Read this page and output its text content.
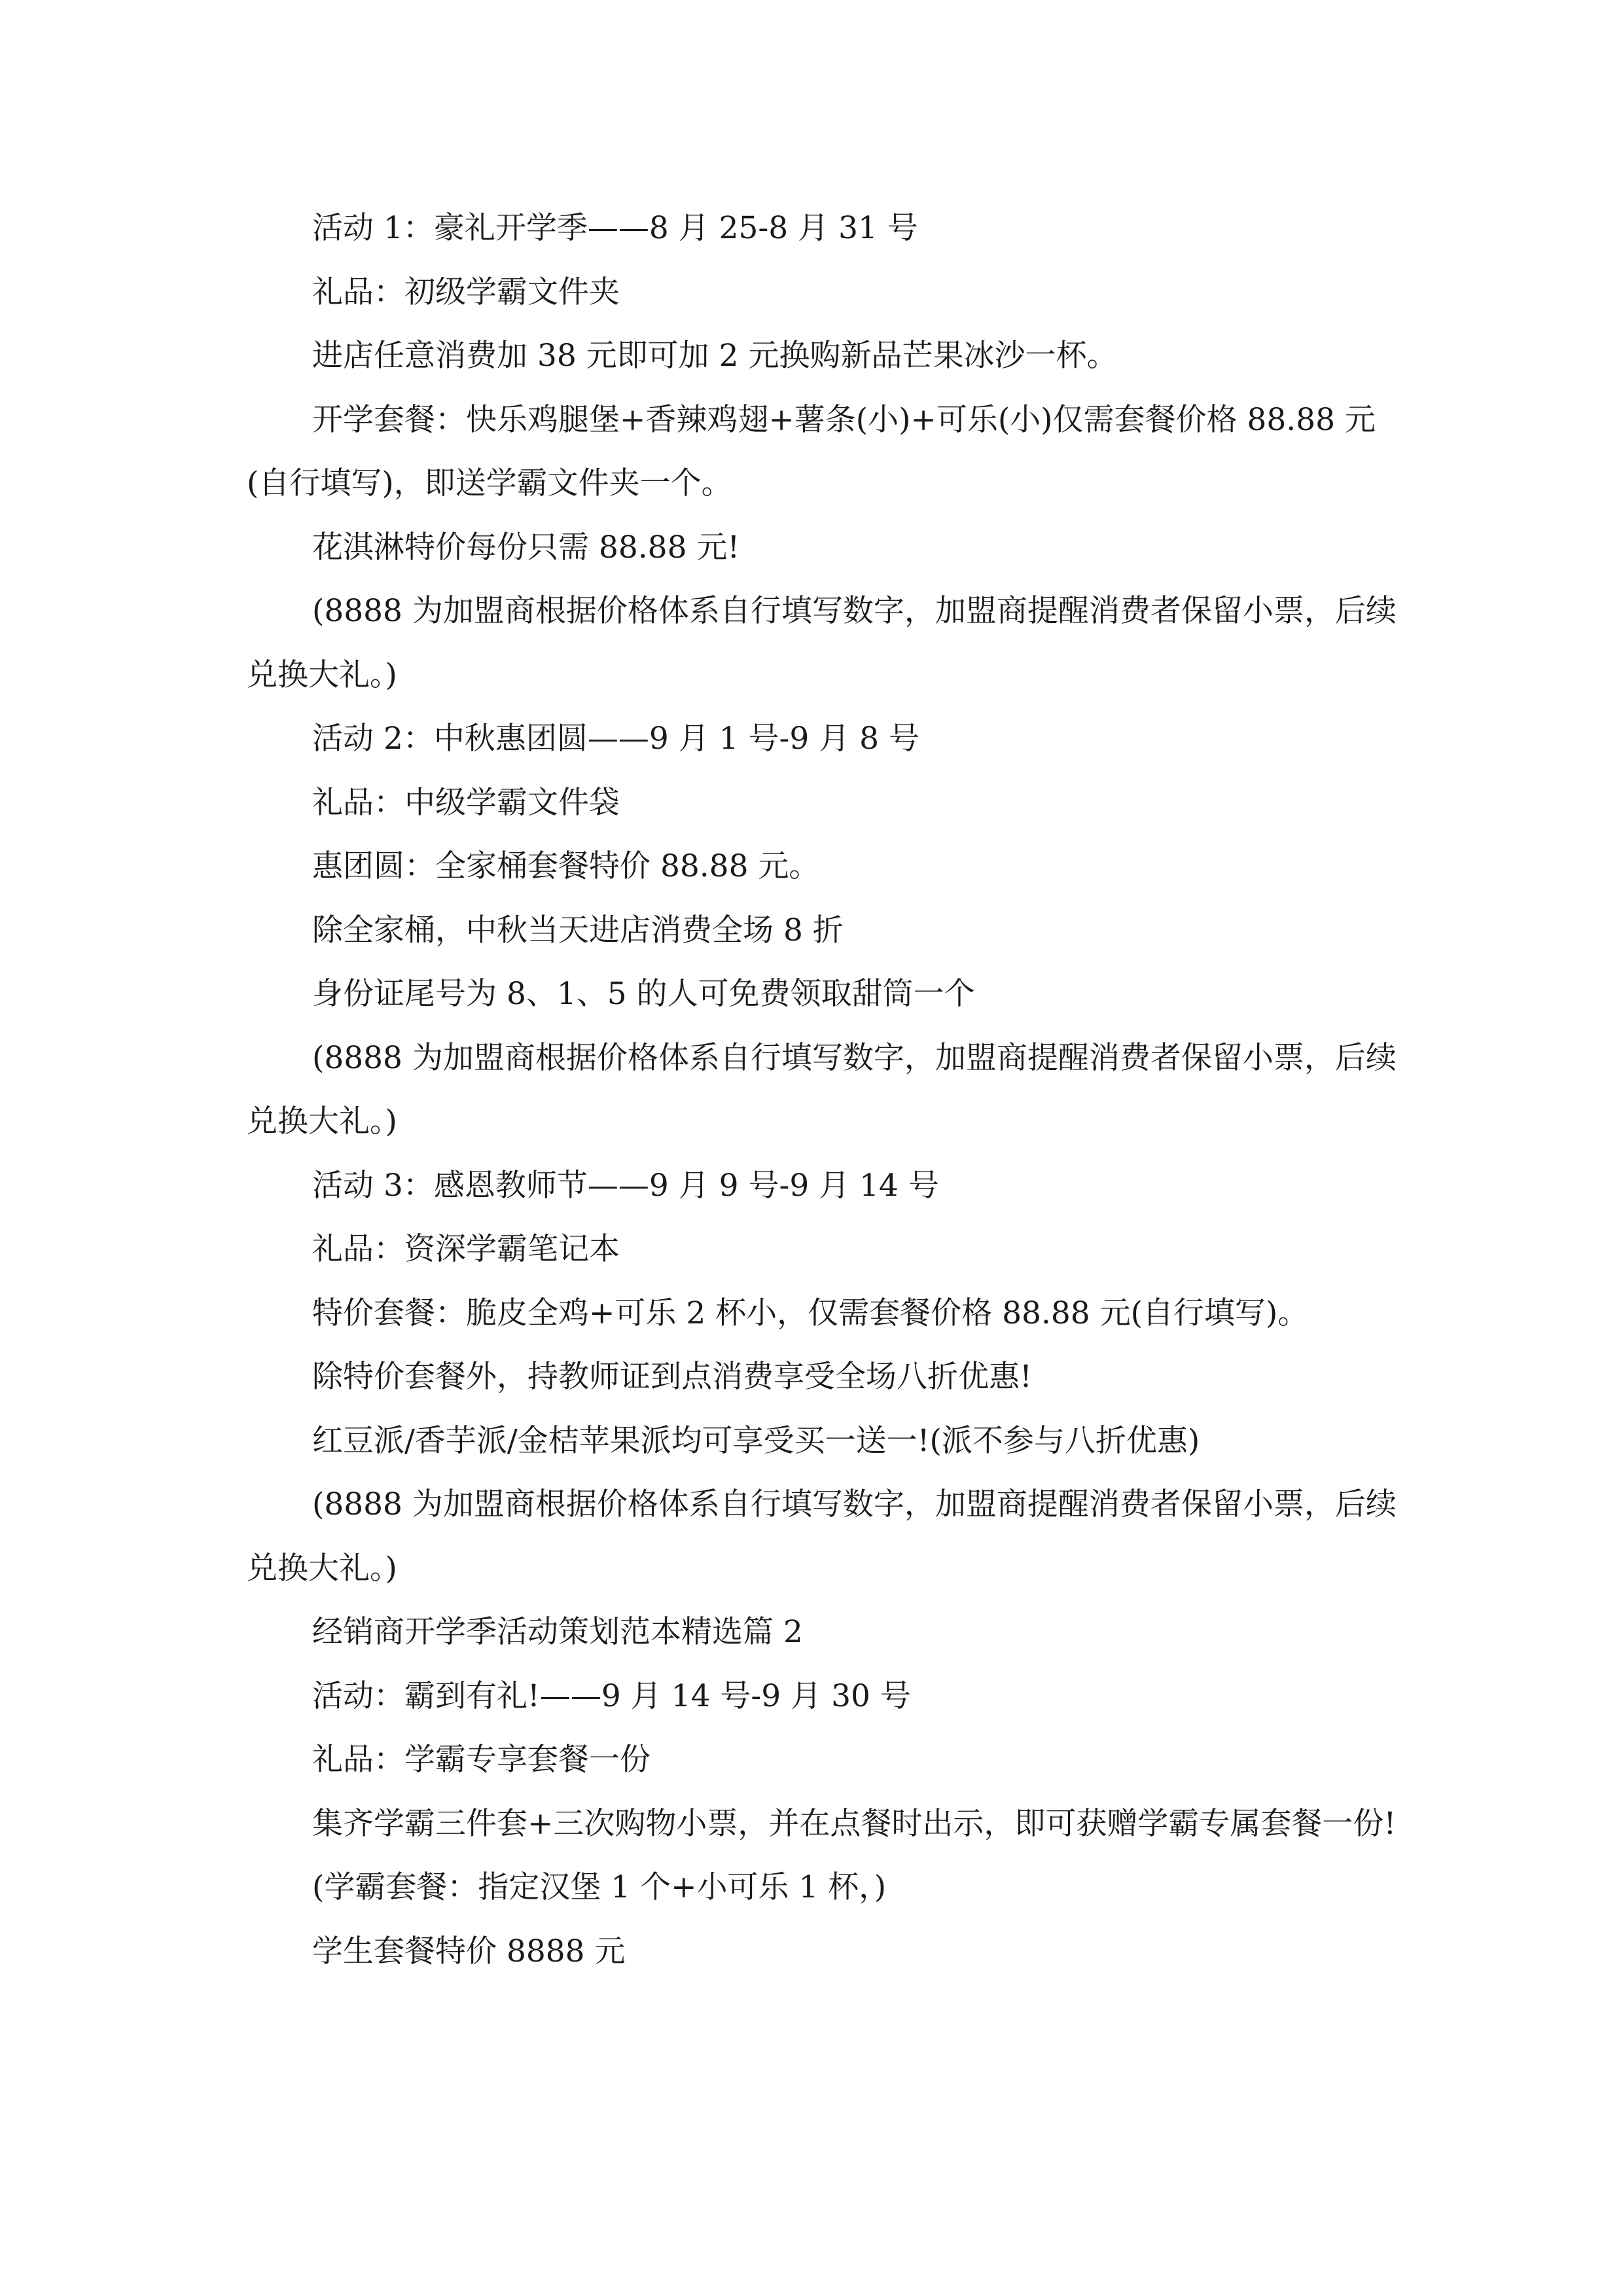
活动 1：豪礼开学季——8 月 25-8 月 31 号

礼品：初级学霸文件夹

进店任意消费加 38 元即可加 2 元换购新品芒果冰沙一杯。

开学套餐：快乐鸡腿堡+香辣鸡翅+薯条(小)+可乐(小)仅需套餐价格 88.88 元(自行填写)，即送学霸文件夹一个。

花淇淋特价每份只需 88.88 元!

(8888 为加盟商根据价格体系自行填写数字，加盟商提醒消费者保留小票，后续兑换大礼。)

活动 2：中秋惠团圆——9 月 1 号-9 月 8 号

礼品：中级学霸文件袋

惠团圆：全家桶套餐特价 88.88 元。

除全家桶，中秋当天进店消费全场 8 折

身份证尾号为 8、1、5 的人可免费领取甜筒一个

(8888 为加盟商根据价格体系自行填写数字，加盟商提醒消费者保留小票，后续兑换大礼。)

活动 3：感恩教师节——9 月 9 号-9 月 14 号

礼品：资深学霸笔记本

特价套餐：脆皮全鸡+可乐 2 杯小，仅需套餐价格 88.88 元(自行填写)。

除特价套餐外，持教师证到点消费享受全场八折优惠!

红豆派/香芋派/金桔苹果派均可享受买一送一!(派不参与八折优惠)

(8888 为加盟商根据价格体系自行填写数字，加盟商提醒消费者保留小票，后续兑换大礼。)

经销商开学季活动策划范本精选篇 2

活动：霸到有礼!——9 月 14 号-9 月 30 号

礼品：学霸专享套餐一份

集齐学霸三件套+三次购物小票，并在点餐时出示，即可获赠学霸专属套餐一份!

(学霸套餐：指定汉堡 1 个+小可乐 1 杯，)

学生套餐特价 8888 元
